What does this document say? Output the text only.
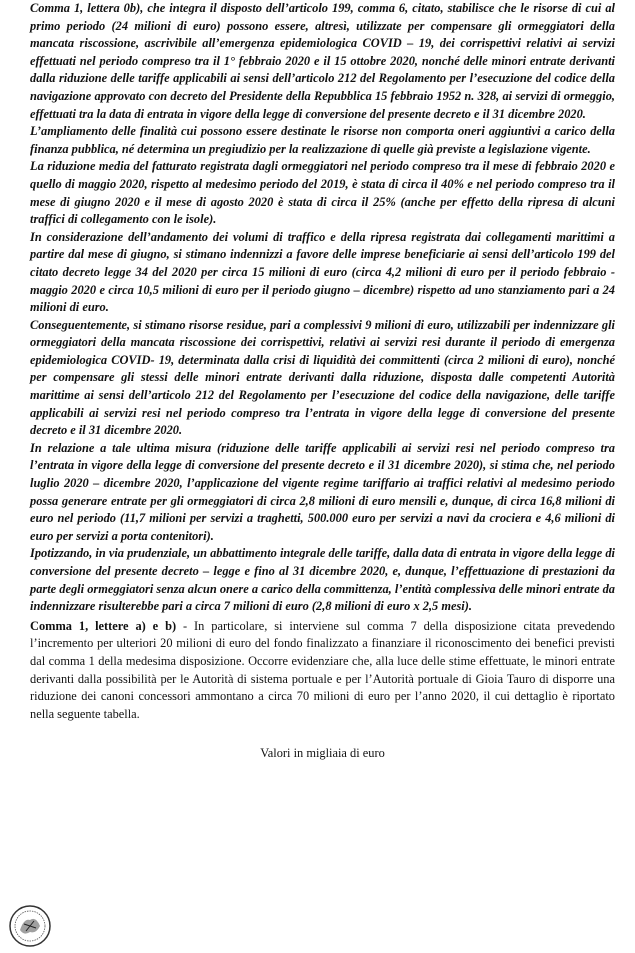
Comma 1, lettera 0b), che integra il disposto dell’articolo 199, comma 6, citato, stabilisce che le risorse di cui al primo periodo (24 milioni di euro) possono essere, altresì, utilizzate per compensare gli ormeggiatori della mancata riscossione, ascrivibile all’emergenza epidemiologica COVID – 19, dei corrispettivi relativi ai servizi effettuati nel periodo compreso tra il 1° febbraio 2020 e il 15 ottobre 2020, nonché delle minori entrate derivanti dalla riduzione delle tariffe applicabili ai sensi dell’articolo 212 del Regolamento per l’esecuzione del codice della navigazione approvato con decreto del Presidente della Repubblica 15 febbraio 1952 n. 328, ai servizi di ormeggio, effettuati tra la data di entrata in vigore della legge di conversione del presente decreto e il 31 dicembre 2020.

L’ampliamento delle finalità cui possono essere destinate le risorse non comporta oneri aggiuntivi a carico della finanza pubblica, né determina un pregiudizio per la realizzazione di quelle già previste a legislazione vigente.

La riduzione media del fatturato registrata dagli ormeggiatori nel periodo compreso tra il mese di febbraio 2020 e quello di maggio 2020, rispetto al medesimo periodo del 2019, è stata di circa il 40% e nel periodo compreso tra il mese di giugno 2020 e il mese di agosto 2020 è stata di circa il 25% (anche per effetto della ripresa di alcuni traffici di collegamento con le isole).

In considerazione dell’andamento dei volumi di traffico e della ripresa registrata dai collegamenti marittimi a partire dal mese di giugno, si stimano indennizzi a favore delle imprese beneficiarie ai sensi dell’articolo 199 del citato decreto legge 34 del 2020 per circa 15 milioni di euro (circa 4,2 milioni di euro per il periodo febbraio - maggio 2020 e circa 10,5 milioni di euro per il periodo giugno – dicembre) rispetto ad uno stanziamento pari a 24 milioni di euro.

Conseguentemente, si stimano risorse residue, pari a complessivi 9 milioni di euro, utilizzabili per indennizzare gli ormeggiatori della mancata riscossione dei corrispettivi, relativi ai servizi resi durante il periodo di emergenza epidemiologica COVID- 19, determinata dalla crisi di liquidità dei committenti (circa 2 milioni di euro), nonché per compensare gli stessi delle minori entrate derivanti dalla riduzione, disposta dalle competenti Autorità marittime ai sensi dell’articolo 212 del Regolamento per l’esecuzione del codice della navigazione, delle tariffe applicabili ai servizi resi nel periodo compreso tra l’entrata in vigore della legge di conversione del presente decreto e il 31 dicembre 2020.

In relazione a tale ultima misura (riduzione delle tariffe applicabili ai servizi resi nel periodo compreso tra l’entrata in vigore della legge di conversione del presente decreto e il 31 dicembre 2020), si stima che, nel periodo luglio 2020 – dicembre 2020, l’applicazione del vigente regime tariffario ai traffici relativi al medesimo periodo possa generare entrate per gli ormeggiatori di circa 2,8 milioni di euro mensili e, dunque, di circa 16,8 milioni di euro nel periodo (11,7 milioni per servizi a traghetti, 500.000 euro per servizi a navi da crociera e 4,6 milioni di euro per servizi a porta contenitori).

Ipotizzando, in via prudenziale, un abbattimento integrale delle tariffe, dalla data di entrata in vigore della legge di conversione del presente decreto – legge e fino al 31 dicembre 2020, e, dunque, l’effettuazione di prestazioni da parte degli ormeggiatori senza alcun onere a carico della committenza, l’entità complessiva delle minori entrate da indennizzare risulterebbe pari a circa 7 milioni di euro (2,8 milioni di euro x 2,5 mesi).

Comma 1, lettere a) e b) - In particolare, si interviene sul comma 7 della disposizione citata prevedendo l’incremento per ulteriori 20 milioni di euro del fondo finalizzato a finanziare il riconoscimento dei benefici previsti dal comma 1 della medesima disposizione. Occorre evidenziare che, alla luce delle stime effettuate, le minori entrate derivanti dalla possibilità per le Autorità di sistema portuale e per l’Autorità portuale di Gioia Tauro di disporre una riduzione dei canoni concessori ammontano a circa 70 milioni di euro per l’anno 2020, il cui dettaglio è riportato nella seguente tabella.

Valori in migliaia di euro
